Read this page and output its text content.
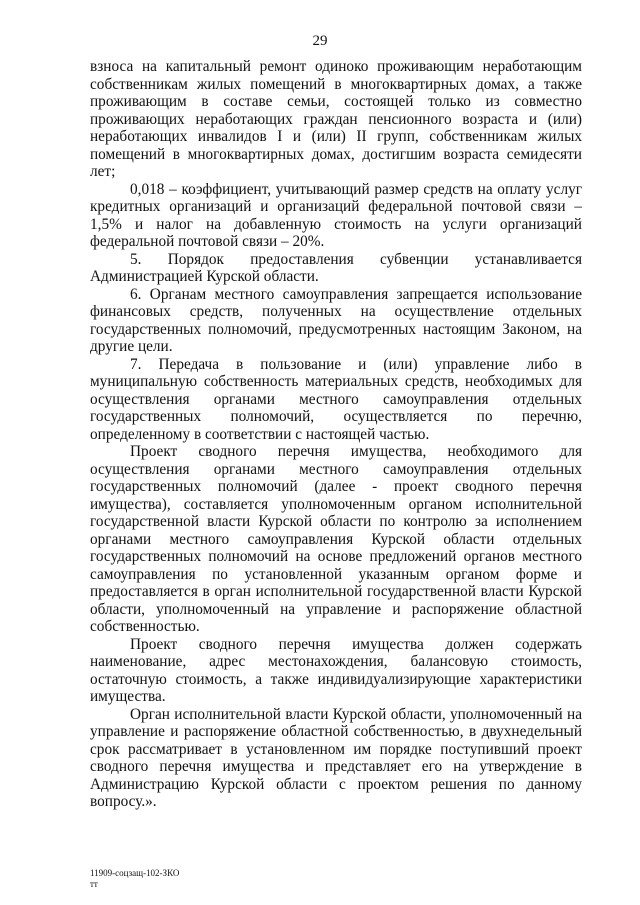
29

взноса на капитальный ремонт одиноко проживающим неработающим собственникам жилых помещений в многоквартирных домах, а также проживающим в составе семьи, состоящей только из совместно проживающих неработающих граждан пенсионного возраста и (или) неработающих инвалидов I и (или) II групп, собственникам жилых помещений в многоквартирных домах, достигшим возраста семидесяти лет;

0,018 – коэффициент, учитывающий размер средств на оплату услуг кредитных организаций и организаций федеральной почтовой связи – 1,5% и налог на добавленную стоимость на услуги организаций федеральной почтовой связи – 20%.

5. Порядок предоставления субвенции устанавливается Администрацией Курской области.

6. Органам местного самоуправления запрещается использование финансовых средств, полученных на осуществление отдельных государственных полномочий, предусмотренных настоящим Законом, на другие цели.

7. Передача в пользование и (или) управление либо в муниципальную собственность материальных средств, необходимых для осуществления органами местного самоуправления отдельных государственных полномочий, осуществляется по перечню, определенному в соответствии с настоящей частью.

Проект сводного перечня имущества, необходимого для осуществления органами местного самоуправления отдельных государственных полномочий (далее - проект сводного перечня имущества), составляется уполномоченным органом исполнительной государственной власти Курской области по контролю за исполнением органами местного самоуправления Курской области отдельных государственных полномочий на основе предложений органов местного самоуправления по установленной указанным органом форме и предоставляется в орган исполнительной государственной власти Курской области, уполномоченный на управление и распоряжение областной собственностью.

Проект сводного перечня имущества должен содержать наименование, адрес местонахождения, балансовую стоимость, остаточную стоимость, а также индивидуализирующие характеристики имущества.

Орган исполнительной власти Курской области, уполномоченный на управление и распоряжение областной собственностью, в двухнедельный срок рассматривает в установленном им порядке поступивший проект сводного перечня имущества и представляет его на утверждение в Администрацию Курской области с проектом решения по данному вопросу.».

11909-соцзащ-102-ЗКО
тт
